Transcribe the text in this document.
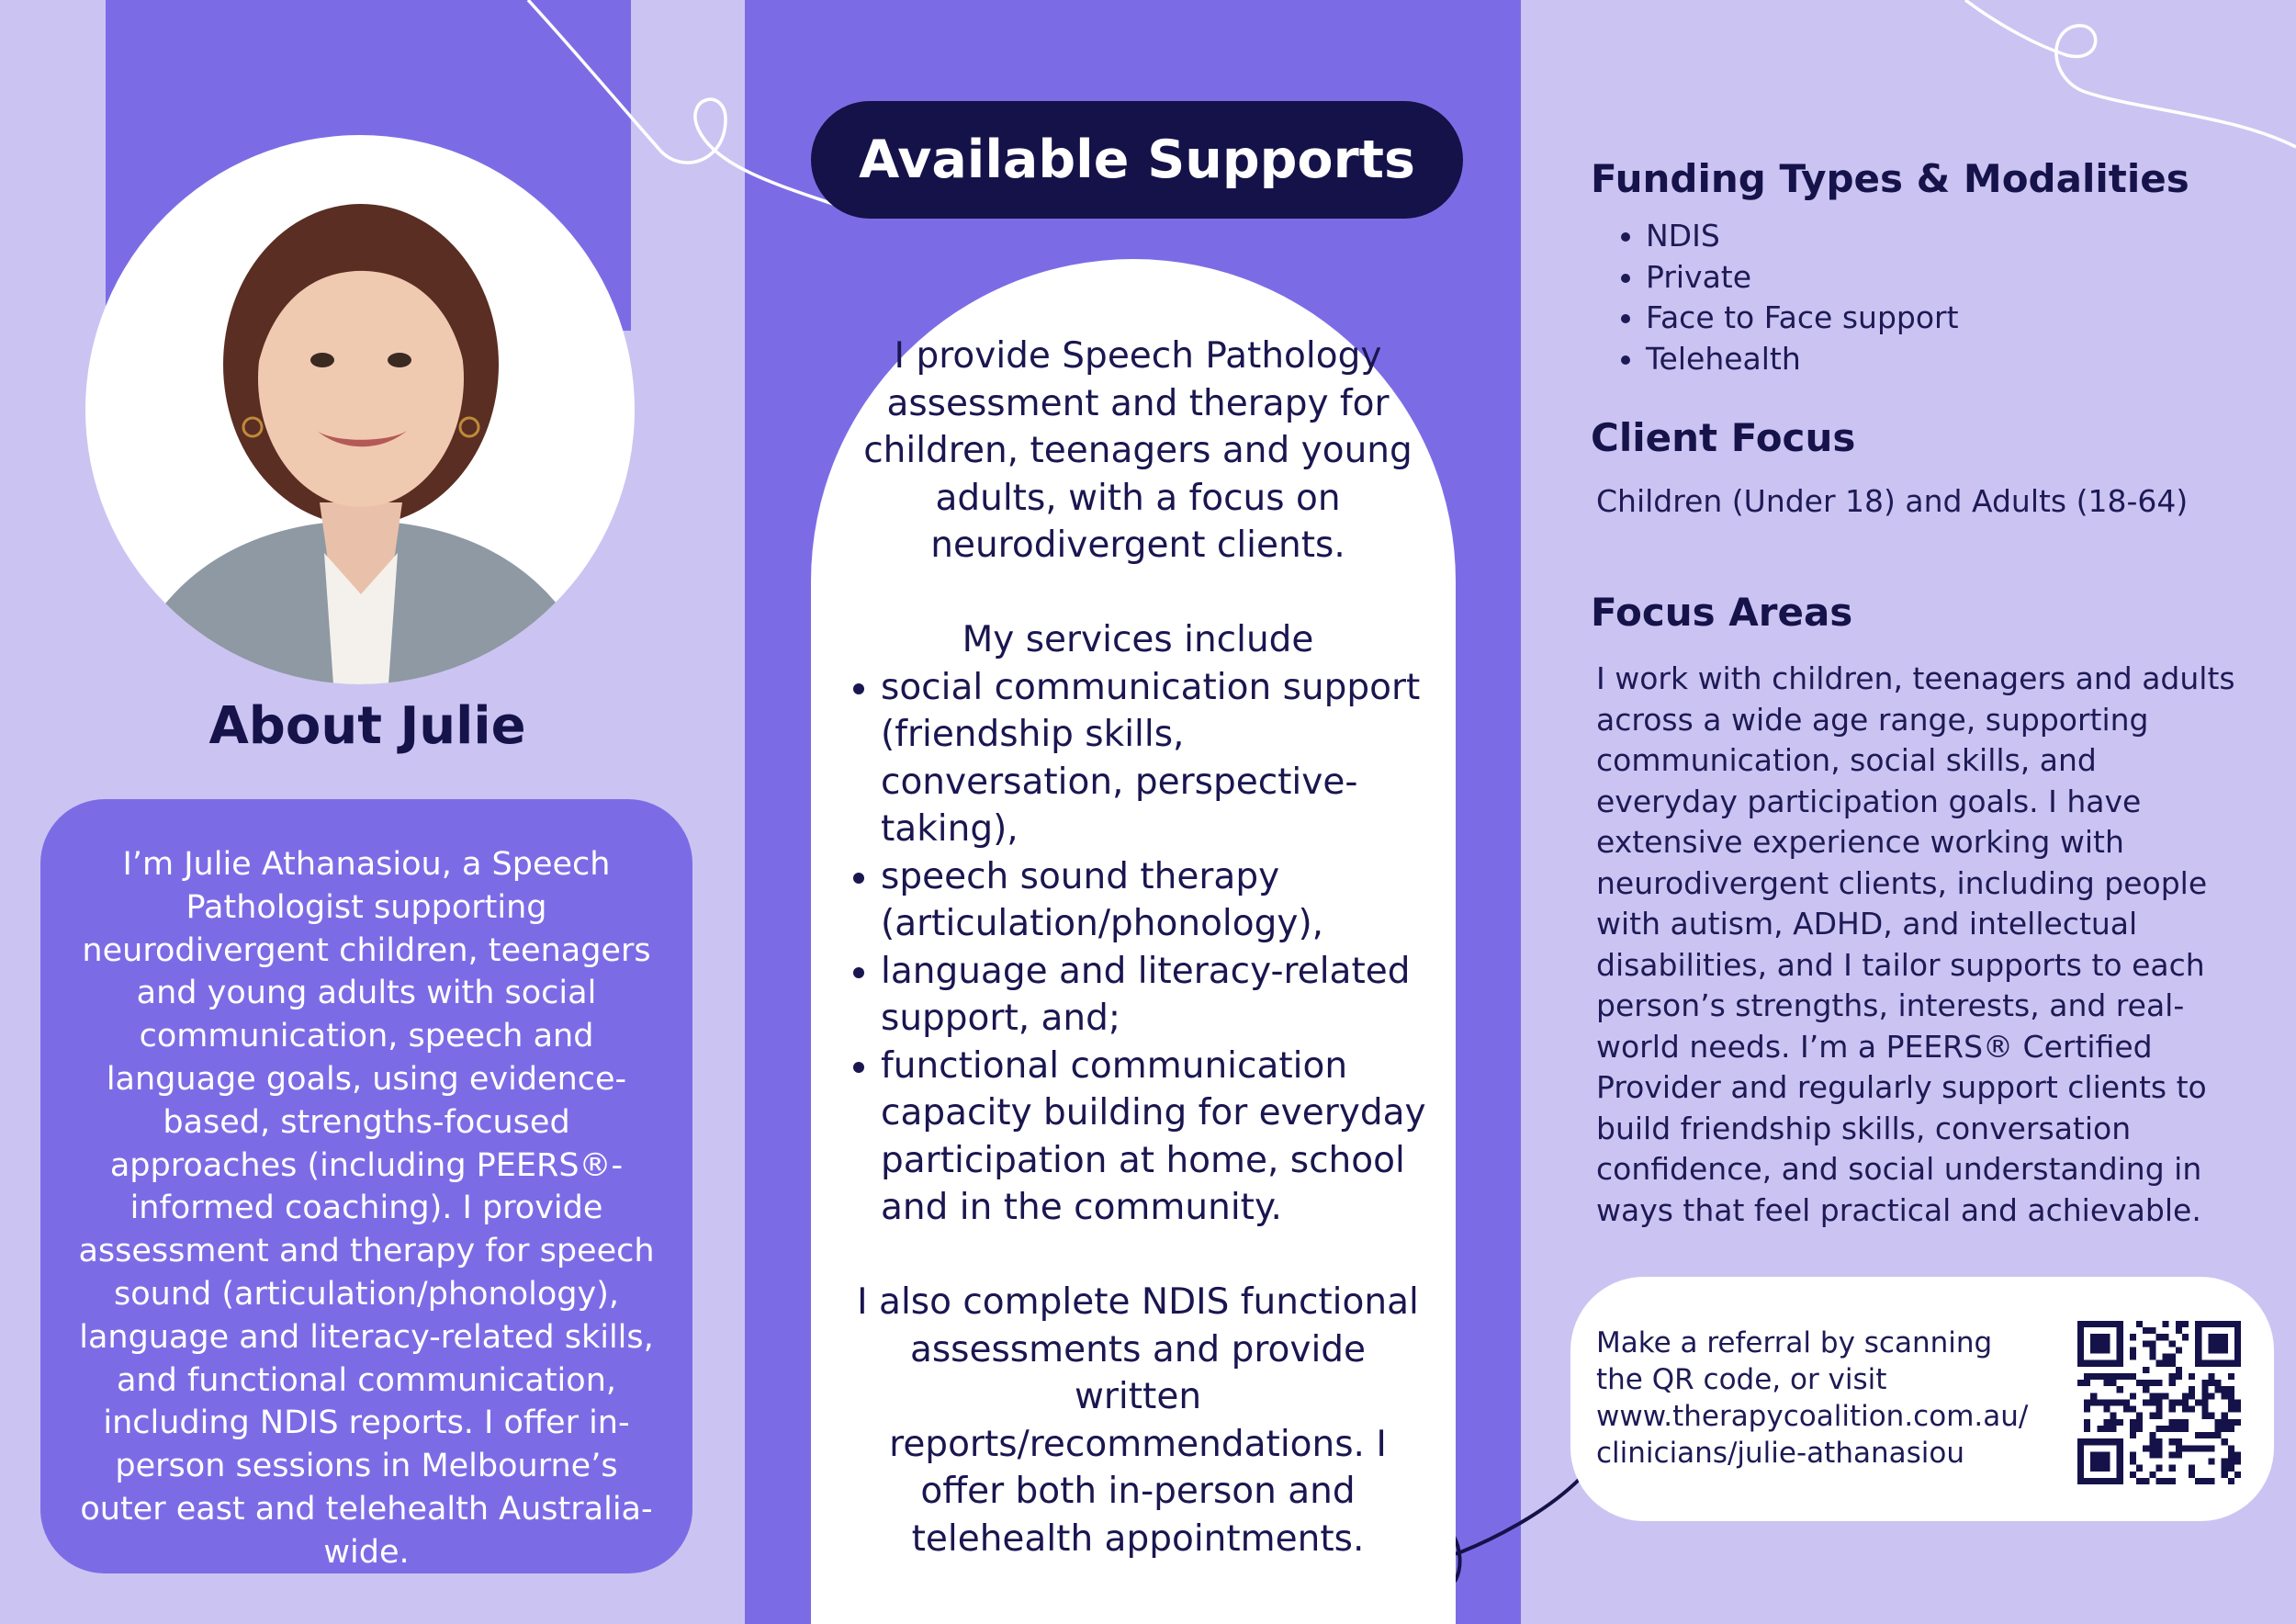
About Julie
I’m Julie Athanasiou, a Speech Pathologist supporting neurodivergent children, teenagers and young adults with social communication, speech and language goals, using evidence-based, strengths-focused approaches (including PEERS®-informed coaching). I provide assessment and therapy for speech sound (articulation/phonology), language and literacy-related skills, and functional communication, including NDIS reports. I offer in-person sessions in Melbourne’s outer east and telehealth Australia-wide.
Available Supports
I provide Speech Pathology assessment and therapy for children, teenagers and young adults, with a focus on neurodivergent clients.
My services include
• social communication support (friendship skills, conversation, perspective-taking),
• speech sound therapy (articulation/phonology),
• language and literacy-related support, and;
• functional communication capacity building for everyday participation at home, school and in the community.
I also complete NDIS functional assessments and provide written reports/recommendations. I offer both in-person and telehealth appointments.
Funding Types & Modalities
• NDIS
• Private
• Face to Face support
• Telehealth
Client Focus
Children (Under 18) and Adults (18-64)
Focus Areas
I work with children, teenagers and adults across a wide age range, supporting communication, social skills, and everyday participation goals. I have extensive experience working with neurodivergent clients, including people with autism, ADHD, and intellectual disabilities, and I tailor supports to each person’s strengths, interests, and real-world needs. I’m a PEERS® Certified Provider and regularly support clients to build friendship skills, conversation confidence, and social understanding in ways that feel practical and achievable.
Make a referral by scanning the QR code, or visit
www.therapycoalition.com.au/ clinicians/julie-athanasiou
